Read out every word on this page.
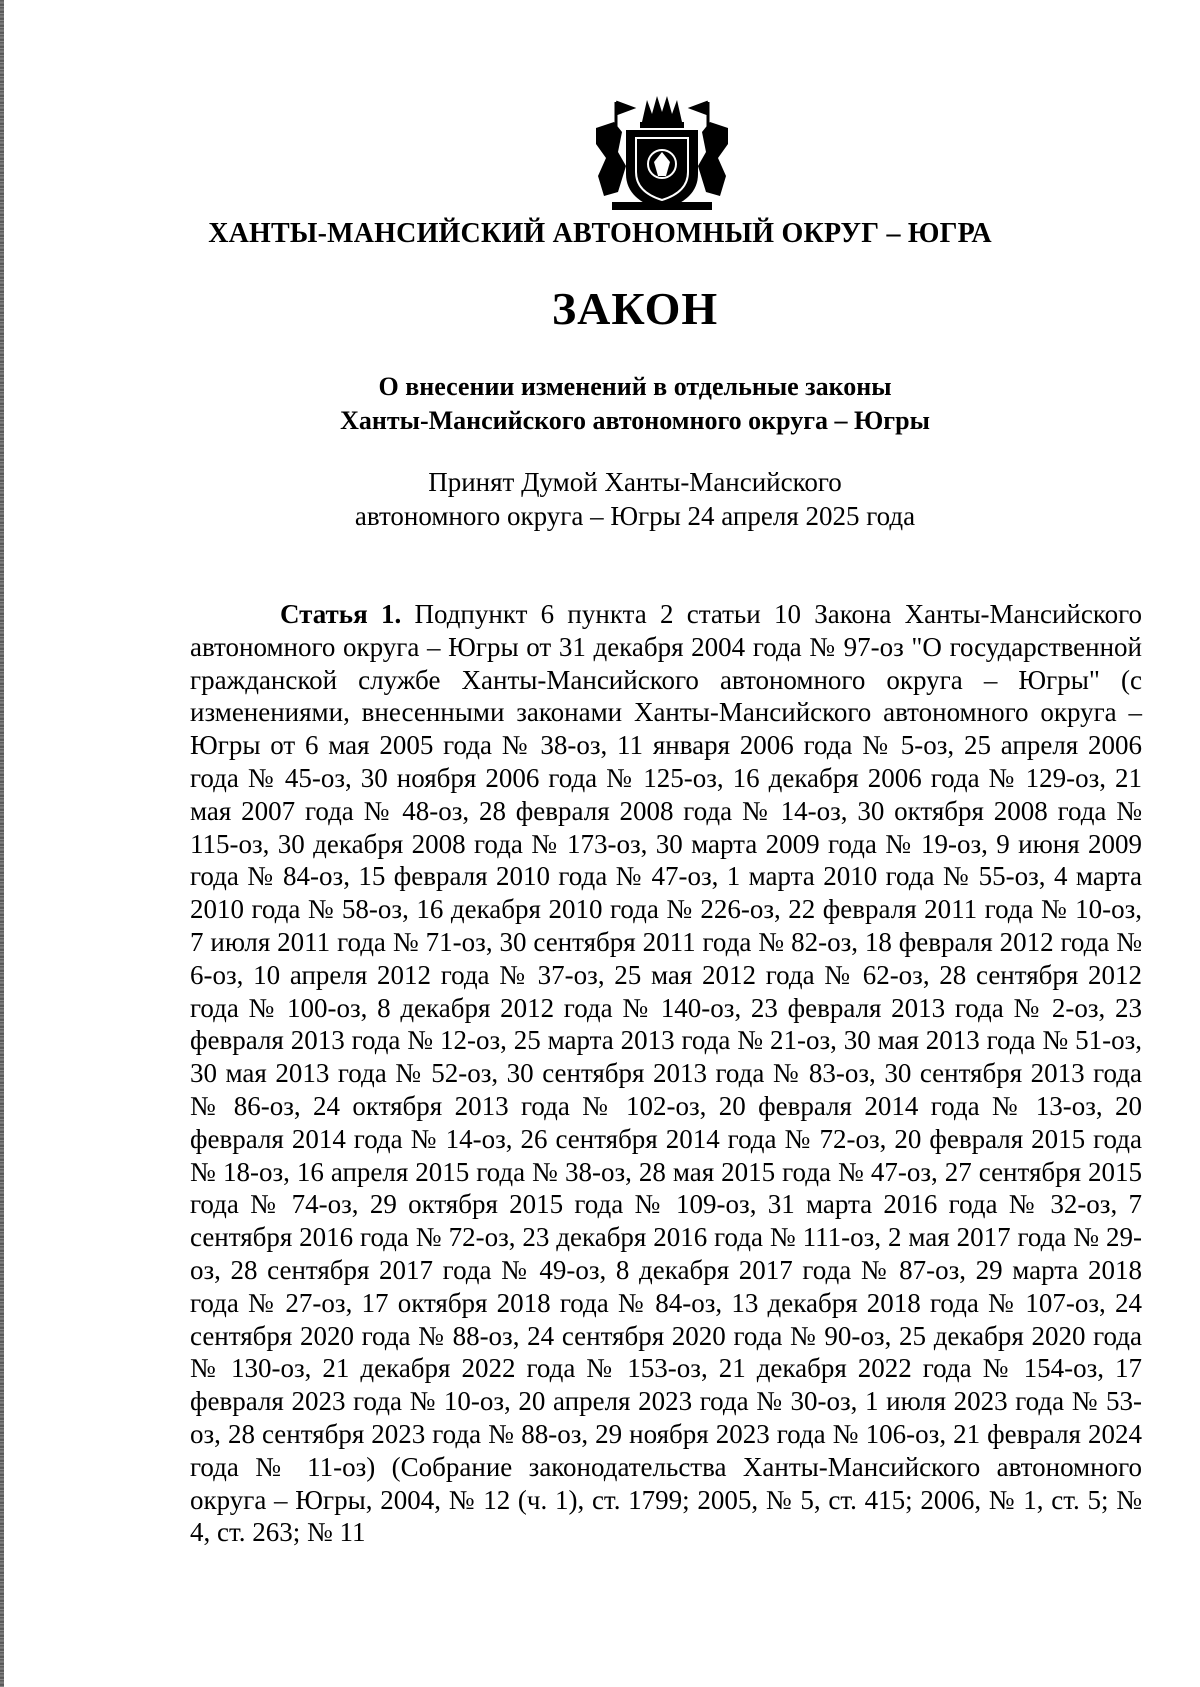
ХАНТЫ-МАНСИЙСКИЙ АВТОНОМНЫЙ ОКРУГ – ЮГРА
ЗАКОН
О внесении изменений в отдельные законы
Ханты-Мансийского автономного округа – Югры
Принят Думой Ханты-Мансийского
автономного округа – Югры 24 апреля 2025 года

Статья 1. Подпункт 6 пункта 2 статьи 10 Закона Ханты-Мансийского автономного округа – Югры от 31 декабря 2004 года № 97-оз "О государственной гражданской службе Ханты-Мансийского автономного округа – Югры" (с изменениями, внесенными законами Ханты-Мансийского автономного округа – Югры от 6 мая 2005 года № 38-оз, 11 января 2006 года № 5-оз, 25 апреля 2006 года № 45-оз, 30 ноября 2006 года № 125-оз, 16 декабря 2006 года № 129-оз, 21 мая 2007 года № 48-оз, 28 февраля 2008 года № 14-оз, 30 октября 2008 года № 115-оз, 30 декабря 2008 года № 173-оз, 30 марта 2009 года № 19-оз, 9 июня 2009 года № 84-оз, 15 февраля 2010 года № 47-оз, 1 марта 2010 года № 55-оз, 4 марта 2010 года № 58-оз, 16 декабря 2010 года № 226-оз, 22 февраля 2011 года № 10-оз, 7 июля 2011 года № 71-оз, 30 сентября 2011 года № 82-оз, 18 февраля 2012 года № 6-оз, 10 апреля 2012 года № 37-оз, 25 мая 2012 года № 62-оз, 28 сентября 2012 года № 100-оз, 8 декабря 2012 года № 140-оз, 23 февраля 2013 года № 2-оз, 23 февраля 2013 года № 12-оз, 25 марта 2013 года № 21-оз, 30 мая 2013 года № 51-оз, 30 мая 2013 года № 52-оз, 30 сентября 2013 года № 83-оз, 30 сентября 2013 года № 86-оз, 24 октября 2013 года № 102-оз, 20 февраля 2014 года № 13-оз, 20 февраля 2014 года № 14-оз, 26 сентября 2014 года № 72-оз, 20 февраля 2015 года № 18-оз, 16 апреля 2015 года № 38-оз, 28 мая 2015 года № 47-оз, 27 сентября 2015 года № 74-оз, 29 октября 2015 года № 109-оз, 31 марта 2016 года № 32-оз, 7 сентября 2016 года № 72-оз, 23 декабря 2016 года № 111-оз, 2 мая 2017 года № 29-оз, 28 сентября 2017 года № 49-оз, 8 декабря 2017 года № 87-оз, 29 марта 2018 года № 27-оз, 17 октября 2018 года № 84-оз, 13 декабря 2018 года № 107-оз, 24 сентября 2020 года № 88-оз, 24 сентября 2020 года № 90-оз, 25 декабря 2020 года № 130-оз, 21 декабря 2022 года № 153-оз, 21 декабря 2022 года № 154-оз, 17 февраля 2023 года № 10-оз, 20 апреля 2023 года № 30-оз, 1 июля 2023 года № 53-оз, 28 сентября 2023 года № 88-оз, 29 ноября 2023 года № 106-оз, 21 февраля 2024 года № 11-оз) (Собрание законодательства Ханты-Мансийского автономного округа – Югры, 2004, № 12 (ч. 1), ст. 1799; 2005, № 5, ст. 415; 2006, № 1, ст. 5; № 4, ст. 263; № 11
